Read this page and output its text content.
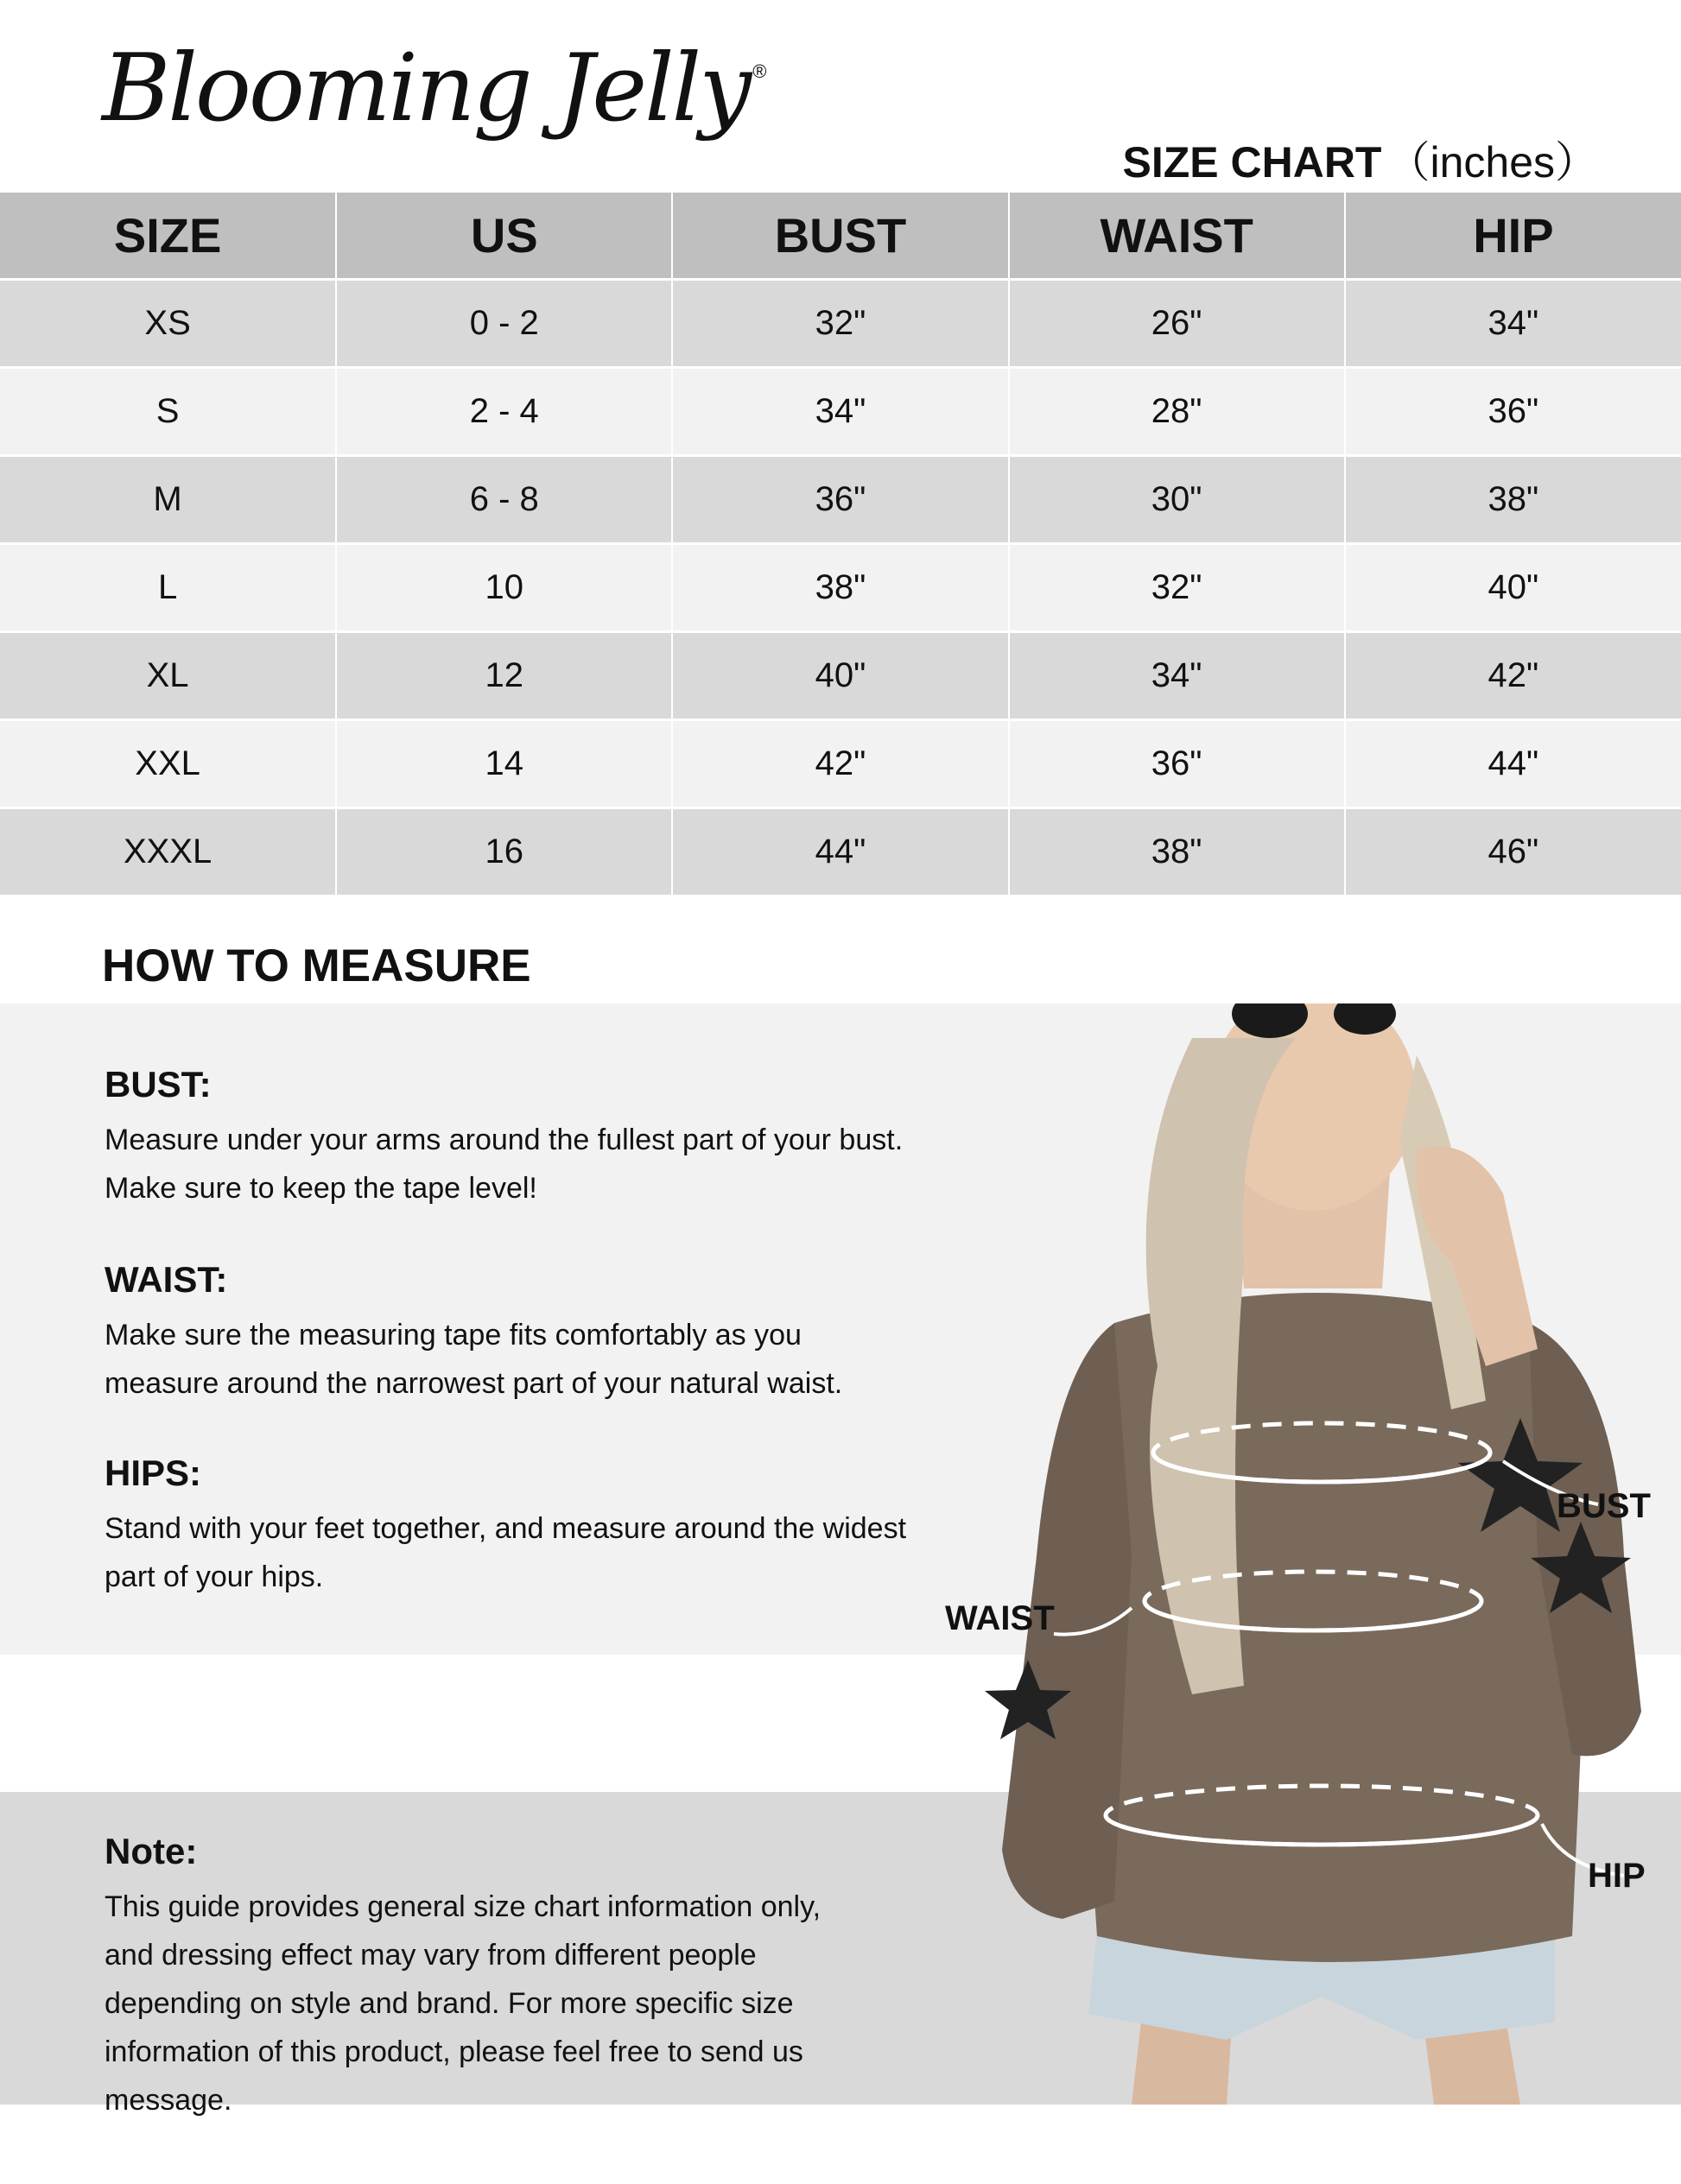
Blooming Jelly ®
SIZE CHART （inches）
SIZE	US	BUST	WAIST	HIP
XS	0 - 2	32"	26"	34"
S	2 - 4	34"	28"	36"
M	6 - 8	36"	30"	38"
L	10	38"	32"	40"
XL	12	40"	34"	42"
XXL	14	42"	36"	44"
XXXL	16	44"	38"	46"
HOW TO MEASURE
BUST:

Measure under your arms around the fullest part of your bust.

Make sure to keep the tape level!

WAIST:

Make sure the measuring tape fits comfortably as you

measure around the narrowest part of your natural waist.

HIPS:

Stand with your feet together, and measure around the widest

part of your hips.

Note:

This guide provides general size chart information only,

and dressing effect may vary from different people

depending on style and brand. For more specific size

information of this product, please feel free to send us

message.

BUST
WAIST
HIP
